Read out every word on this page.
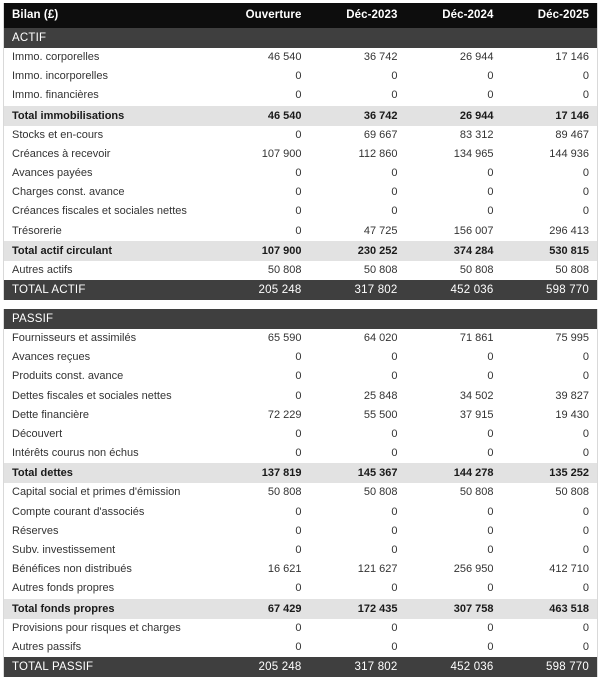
Bilan (£)	Ouverture	Déc-2023	Déc-2024	Déc-2025
ACTIF				
Immo. corporelles	46 540	36 742	26 944	17 146
Immo. incorporelles	0	0	0	0
Immo. financières	0	0	0	0
Total immobilisations	46 540	36 742	26 944	17 146
Stocks et en-cours	0	69 667	83 312	89 467
Créances à recevoir	107 900	112 860	134 965	144 936
Avances payées	0	0	0	0
Charges const. avance	0	0	0	0
Créances fiscales et sociales nettes	0	0	0	0
Trésorerie	0	47 725	156 007	296 413
Total actif circulant	107 900	230 252	374 284	530 815
Autres actifs	50 808	50 808	50 808	50 808
TOTAL ACTIF	205 248	317 802	452 036	598 770

PASSIF				
Fournisseurs et assimilés	65 590	64 020	71 861	75 995
Avances reçues	0	0	0	0
Produits const. avance	0	0	0	0
Dettes fiscales et sociales nettes	0	25 848	34 502	39 827
Dette financière	72 229	55 500	37 915	19 430
Découvert	0	0	0	0
Intérêts courus non échus	0	0	0	0
Total dettes	137 819	145 367	144 278	135 252
Capital social et primes d'émission	50 808	50 808	50 808	50 808
Compte courant d'associés	0	0	0	0
Réserves	0	0	0	0
Subv. investissement	0	0	0	0
Bénéfices non distribués	16 621	121 627	256 950	412 710
Autres fonds propres	0	0	0	0
Total fonds propres	67 429	172 435	307 758	463 518
Provisions pour risques et charges	0	0	0	0
Autres passifs	0	0	0	0
TOTAL PASSIF	205 248	317 802	452 036	598 770
